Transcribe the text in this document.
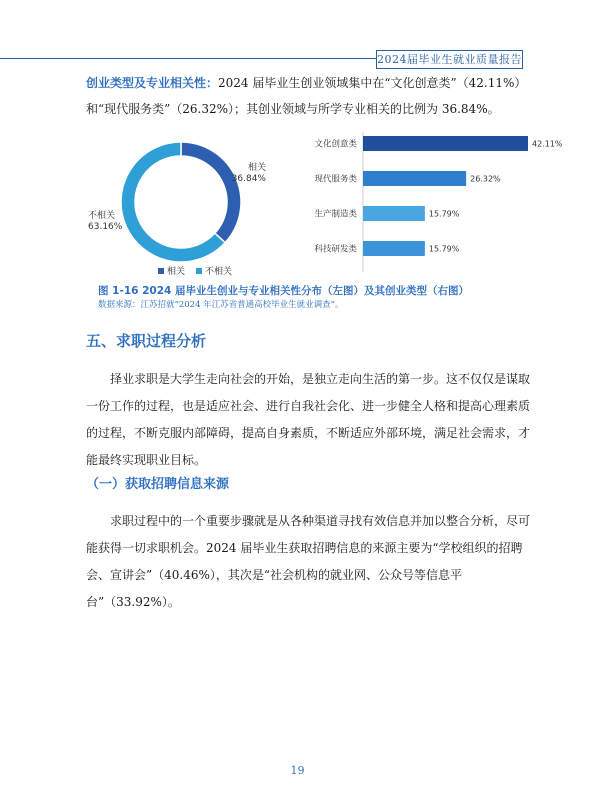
2024届毕业生就业质量报告
创业类型及专业相关性：2024 届毕业生创业领域集中在“文化创意类”（42.11%）
和“现代服务类”（26.32%）；其创业领域与所学专业相关的比例为 36.84%。
相关
36.84%
不相关
63.16%
相关 不相关
文化创意类	42.11%
现代服务类	26.32%
生产制造类	15.79%
科技研发类	15.79%
图 1-16 2024 届毕业生创业与专业相关性分布（左图）及其创业类型（右图）
数据来源：江苏招就“2024 年江苏省普通高校毕业生就业调查”。
五、求职过程分析
择业求职是大学生走向社会的开始，是独立走向生活的第一步。这不仅仅是谋取
一份工作的过程，也是适应社会、进行自我社会化、进一步健全人格和提高心理素质
的过程，不断克服内部障碍，提高自身素质，不断适应外部环境，满足社会需求，才
能最终实现职业目标。
（一）获取招聘信息来源
求职过程中的一个重要步骤就是从各种渠道寻找有效信息并加以整合分析，尽可
能获得一切求职机会。2024 届毕业生获取招聘信息的来源主要为“学校组织的招聘
会、宣讲会”（40.46%），其次是“社会机构的就业网、公众号等信息平台”（33.92%）。
19
